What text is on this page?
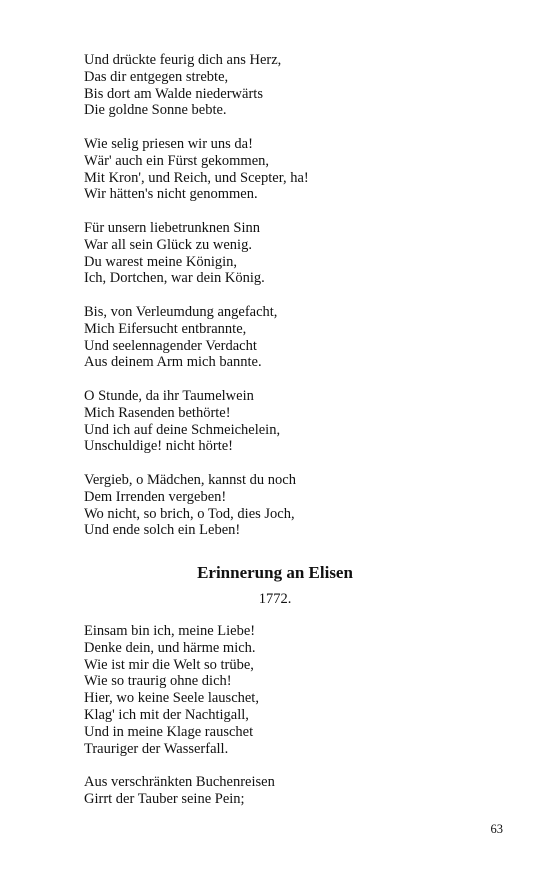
Und drückte feurig dich ans Herz,
Das dir entgegen strebte,
Bis dort am Walde niederwärts
Die goldne Sonne bebte.
Wie selig priesen wir uns da!
Wär' auch ein Fürst gekommen,
Mit Kron', und Reich, und Scepter, ha!
Wir hätten's nicht genommen.
Für unsern liebetrunknen Sinn
War all sein Glück zu wenig.
Du warest meine Königin,
Ich, Dortchen, war dein König.
Bis, von Verleumdung angefacht,
Mich Eifersucht entbrannte,
Und seelennagender Verdacht
Aus deinem Arm mich bannte.
O Stunde, da ihr Taumelwein
Mich Rasenden bethörte!
Und ich auf deine Schmeichelein,
Unschuldige! nicht hörte!
Vergieb, o Mädchen, kannst du noch
Dem Irrenden vergeben!
Wo nicht, so brich, o Tod, dies Joch,
Und ende solch ein Leben!
Erinnerung an Elisen
1772.
Einsam bin ich, meine Liebe!
Denke dein, und härme mich.
Wie ist mir die Welt so trübe,
Wie so traurig ohne dich!
Hier, wo keine Seele lauschet,
Klag' ich mit der Nachtigall,
Und in meine Klage rauschet
Trauriger der Wasserfall.
Aus verschränkten Buchenreisen
Girrt der Tauber seine Pein;
63
